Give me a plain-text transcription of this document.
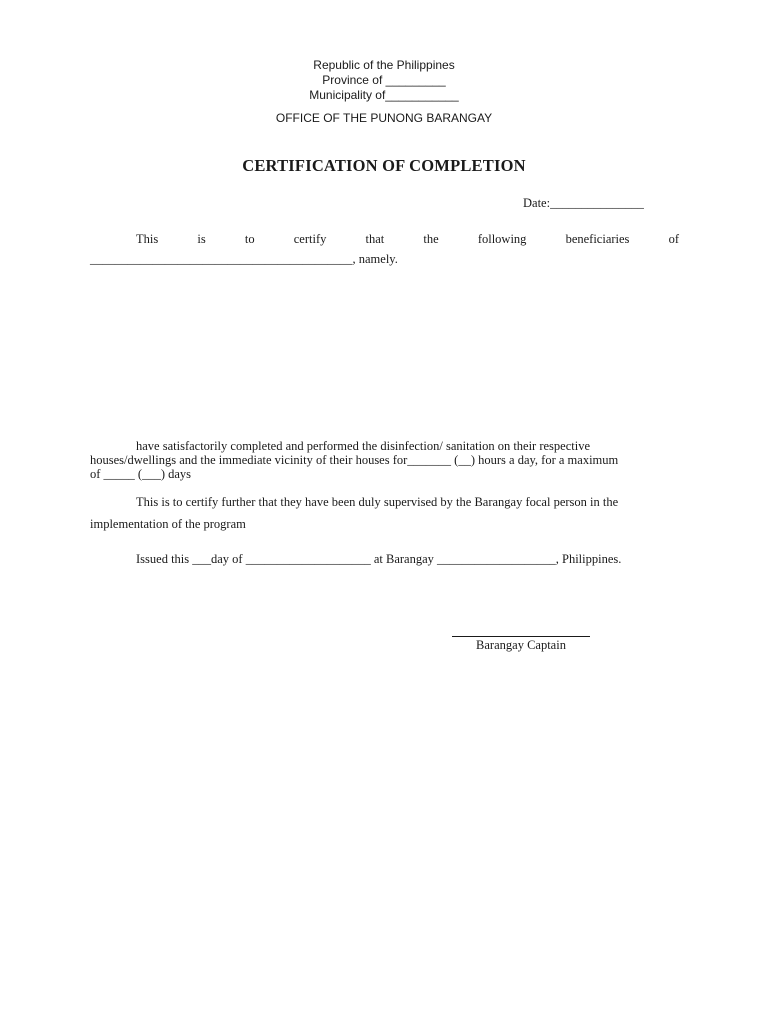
Republic of the Philippines
Province of _________
Municipality of___________
OFFICE OF THE PUNONG BARANGAY
CERTIFICATION OF COMPLETION
Date:_______________
This	is	to	certify	that	the	following	beneficiaries	of
__________________________________________, namely.
have satisfactorily completed and performed the disinfection/ sanitation on their respective
houses/dwellings and the immediate vicinity of their houses for_______ (__) hours a day, for a maximum
of _____ (___) days
This is to certify further that they have been duly supervised by the Barangay focal person in the
implementation of the program
Issued this ___day of ____________________ at Barangay ___________________, Philippines.
Barangay Captain
